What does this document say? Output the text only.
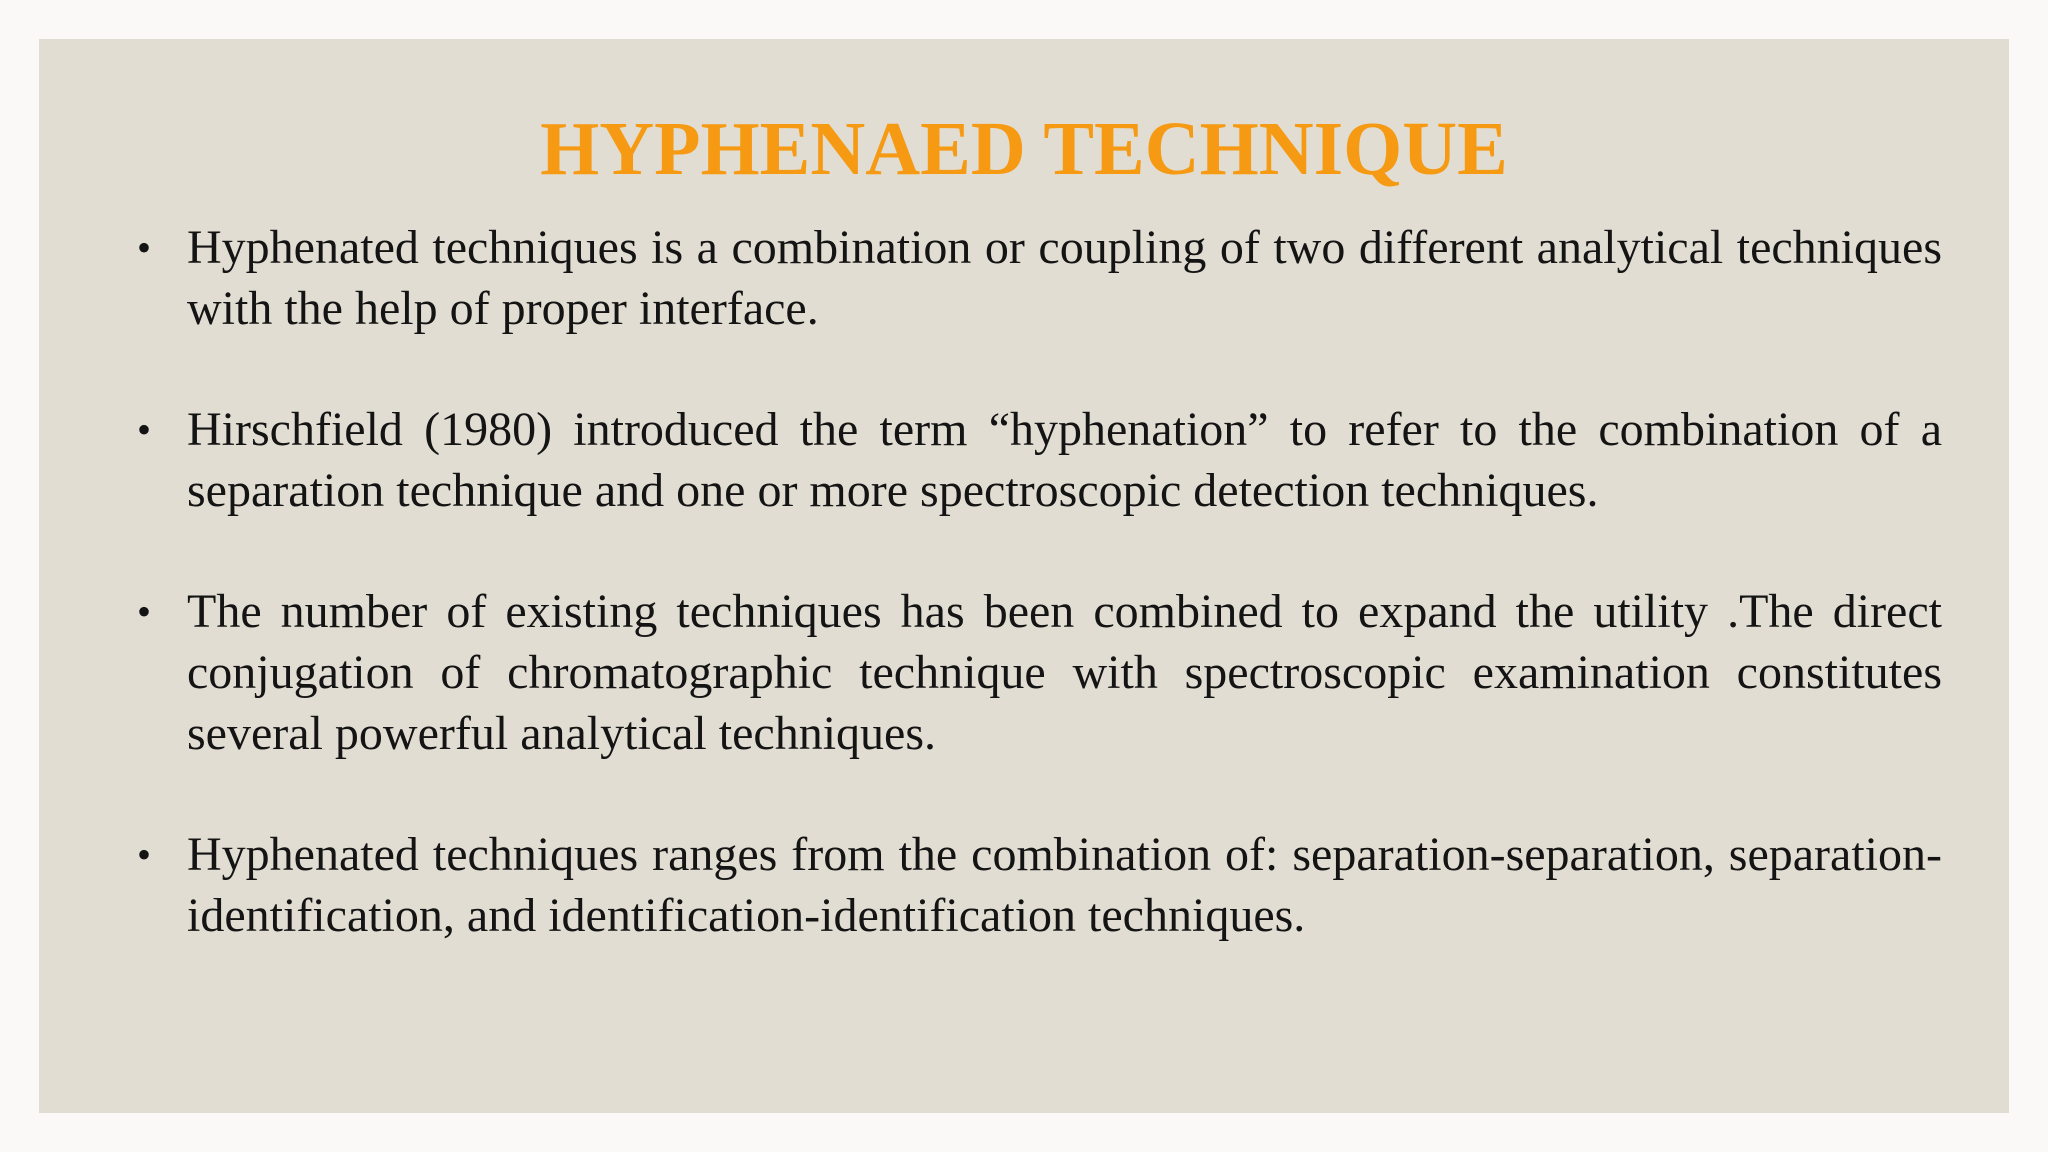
HYPHENAED TECHNIQUE
• Hyphenated techniques is a combination or coupling of two different analytical techniques with the help of proper interface.
• Hirschfield (1980) introduced the term “hyphenation” to refer to the combination of a separation technique and one or more spectroscopic detection techniques.
• The number of existing techniques has been combined to expand the utility .The direct conjugation of chromatographic technique with spectroscopic examination constitutes several powerful analytical techniques.
• Hyphenated techniques ranges from the combination of: separation-separation, separation- identification, and identification-identification techniques.
